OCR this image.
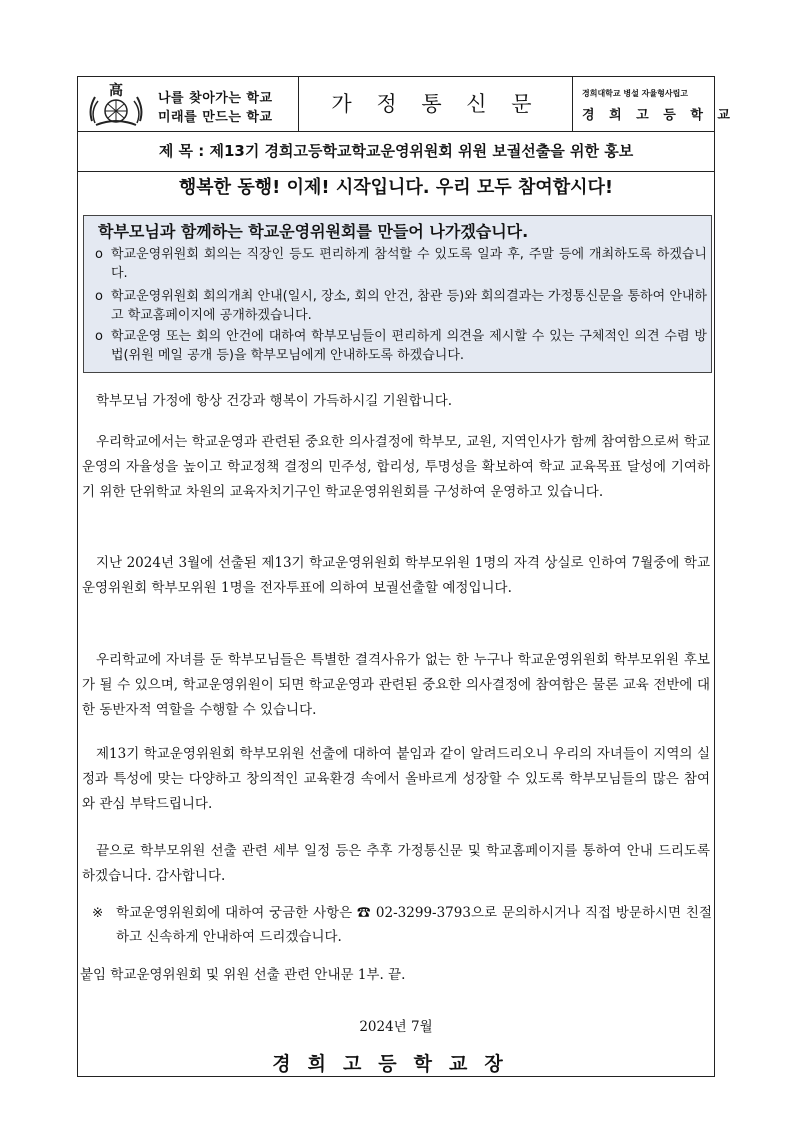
高	나를 찾아가는 학교
미래를 만드는 학교
가 정 통 신 문	경희대학교 병설 자율형사립고
경 희 고 등 학 교
제 목 : 제13기 경희고등학교학교운영위원회 위원 보궐선출을 위한 홍보
행복한 동행! 이제! 시작입니다. 우리 모두 참여합시다!
학부모님과 함께하는 학교운영위원회를 만들어 나가겠습니다.
o 학교운영위원회 회의는 직장인 등도 편리하게 참석할 수 있도록 일과 후, 주말 등에 개최하도록 하겠습니다.
o 학교운영위원회 회의개최 안내(일시, 장소, 회의 안건, 참관 등)와 회의결과는 가정통신문을 통하여 안내하고 학교홈페이지에 공개하겠습니다.
o 학교운영 또는 회의 안건에 대하여 학부모님들이 편리하게 의견을 제시할 수 있는 구체적인 의견 수렴 방법(위원 메일 공개 등)을 학부모님에게 안내하도록 하겠습니다.

학부모님 가정에 항상 건강과 행복이 가득하시길 기원합니다.

우리학교에서는 학교운영과 관련된 중요한 의사결정에 학부모, 교원, 지역인사가 함께 참여함으로써 학교운영의 자율성을 높이고 학교정책 결정의 민주성, 합리성, 투명성을 확보하여 학교 교육목표 달성에 기여하기 위한 단위학교 차원의 교육자치기구인 학교운영위원회를 구성하여 운영하고 있습니다.

지난 2024년 3월에 선출된 제13기 학교운영위원회 학부모위원 1명의 자격 상실로 인하여 7월중에 학교운영위원회 학부모위원 1명을 전자투표에 의하여 보궐선출할 예정입니다.

우리학교에 자녀를 둔 학부모님들은 특별한 결격사유가 없는 한 누구나 학교운영위원회 학부모위원 후보가 될 수 있으며, 학교운영위원이 되면 학교운영과 관련된 중요한 의사결정에 참여함은 물론 교육 전반에 대한 동반자적 역할을 수행할 수 있습니다.

제13기 학교운영위원회 학부모위원 선출에 대하여 붙임과 같이 알려드리오니 우리의 자녀들이 지역의 실정과 특성에 맞는 다양하고 창의적인 교육환경 속에서 올바르게 성장할 수 있도록 학부모님들의 많은 참여와 관심 부탁드립니다.

끝으로 학부모위원 선출 관련 세부 일정 등은 추후 가정통신문 및 학교홈페이지를 통하여 안내 드리도록 하겠습니다. 감사합니다.

※ 학교운영위원회에 대하여 궁금한 사항은 ☎ 02-3299-3793으로 문의하시거나 직접 방문하시면 친절하고 신속하게 안내하여 드리겠습니다.
붙임 학교운영위원회 및 위원 선출 관련 안내문 1부. 끝.
2024년 7월
경희고등학교장
